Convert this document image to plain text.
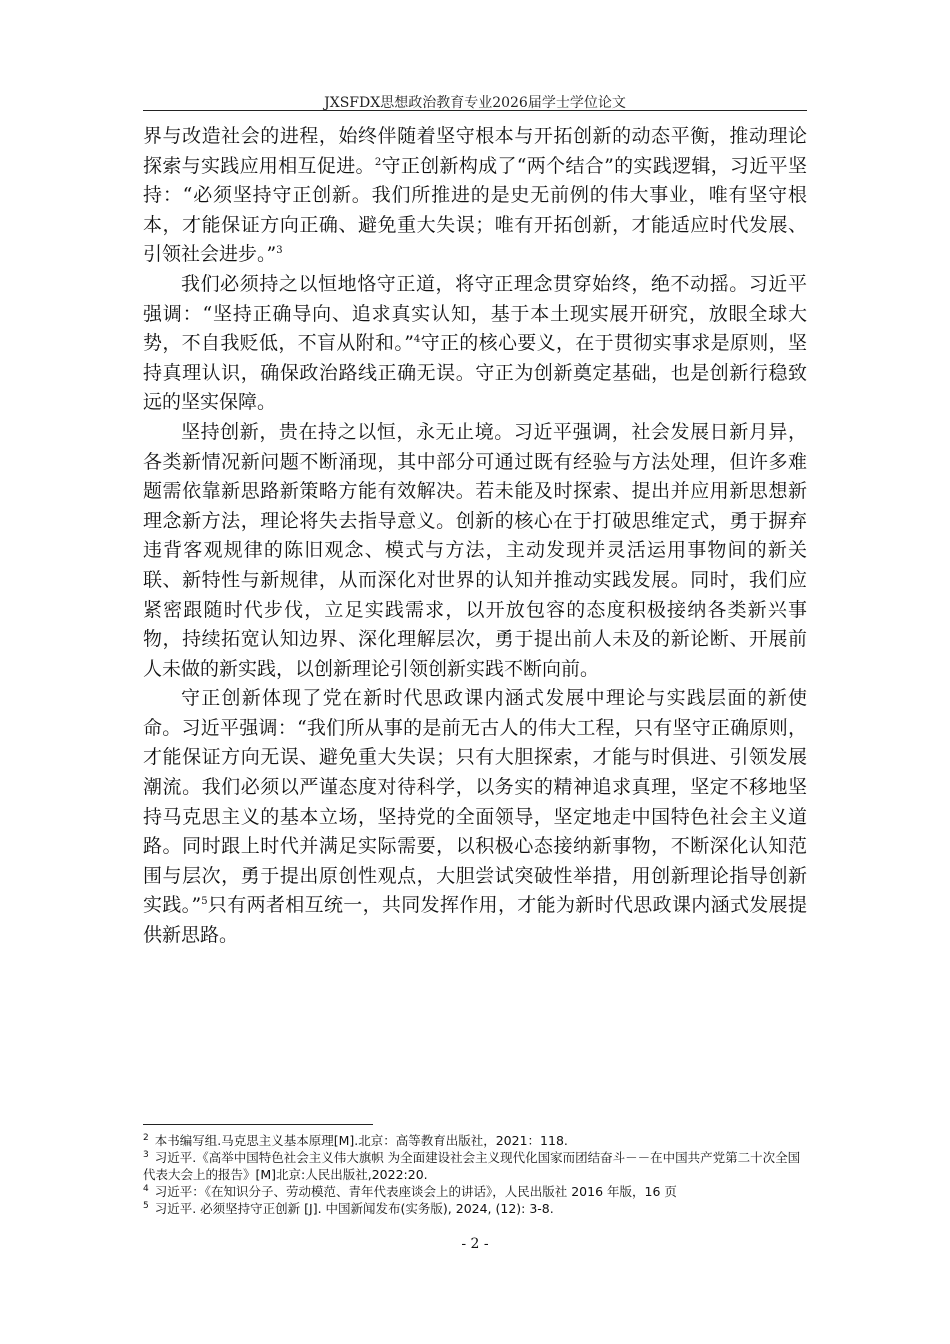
JXSFDX思想政治教育专业2026届学士学位论文

界与改造社会的进程，始终伴随着坚守根本与开拓创新的动态平衡，推动理论探索与实践应用相互促进。$^2$守正创新构成了“两个结合”的实践逻辑，习近平坚持：“必须坚持守正创新。我们所推进的是史无前例的伟大事业，唯有坚守根本，才能保证方向正确、避免重大失误；唯有开拓创新，才能适应时代发展、引领社会进步。”$^3$

我们必须持之以恒地恪守正道，将守正理念贯穿始终，绝不动摇。习近平强调：“坚持正确导向、追求真实认知，基于本土现实展开研究，放眼全球大势，不自我贬低，不盲从附和。”$^4$守正的核心要义，在于贯彻实事求是原则，坚持真理认识，确保政治路线正确无误。守正为创新奠定基础，也是创新行稳致远的坚实保障。

坚持创新，贵在持之以恒，永无止境。习近平强调，社会发展日新月异，各类新情况新问题不断涌现，其中部分可通过既有经验与方法处理，但许多难题需依靠新思路新策略方能有效解决。若未能及时探索、提出并应用新思想新理念新方法，理论将失去指导意义。创新的核心在于打破思维定式，勇于摒弃违背客观规律的陈旧观念、模式与方法，主动发现并灵活运用事物间的新关联、新特性与新规律，从而深化对世界的认知并推动实践发展。同时，我们应紧密跟随时代步伐，立足实践需求，以开放包容的态度积极接纳各类新兴事物，持续拓宽认知边界、深化理解层次，勇于提出前人未及的新论断、开展前人未做的新实践，以创新理论引领创新实践不断向前。

守正创新体现了党在新时代思政课内涵式发展中理论与实践层面的新使命。习近平强调：“我们所从事的是前无古人的伟大工程，只有坚守正确原则，才能保证方向无误、避免重大失误；只有大胆探索，才能与时俱进、引领发展潮流。我们必须以严谨态度对待科学，以务实的精神追求真理，坚定不移地坚持马克思主义的基本立场，坚持党的全面领导，坚定地走中国特色社会主义道路。同时跟上时代并满足实际需要，以积极心态接纳新事物，不断深化认知范围与层次，勇于提出原创性观点，大胆尝试突破性举措，用创新理论指导创新实践。”$^5$只有两者相互统一，共同发挥作用，才能为新时代思政课内涵式发展提供新思路。

$^2$ 本书编写组.马克思主义基本原理[M].北京：高等教育出版社，2021：118.

$^3$ 习近平.《高举中国特色社会主义伟大旗帜 为全面建设社会主义现代化国家而团结奋斗－－在中国共产党第二十次全国代表大会上的报告》[M]北京:人民出版社,2022:20.

$^4$ 习近平：《在知识分子、劳动模范、青年代表座谈会上的讲话》，人民出版社 2016 年版，16 页

$^5$ 习近平. 必须坚持守正创新 [J]. 中国新闻发布(实务版), 2024, (12): 3-8.

- 2 -
